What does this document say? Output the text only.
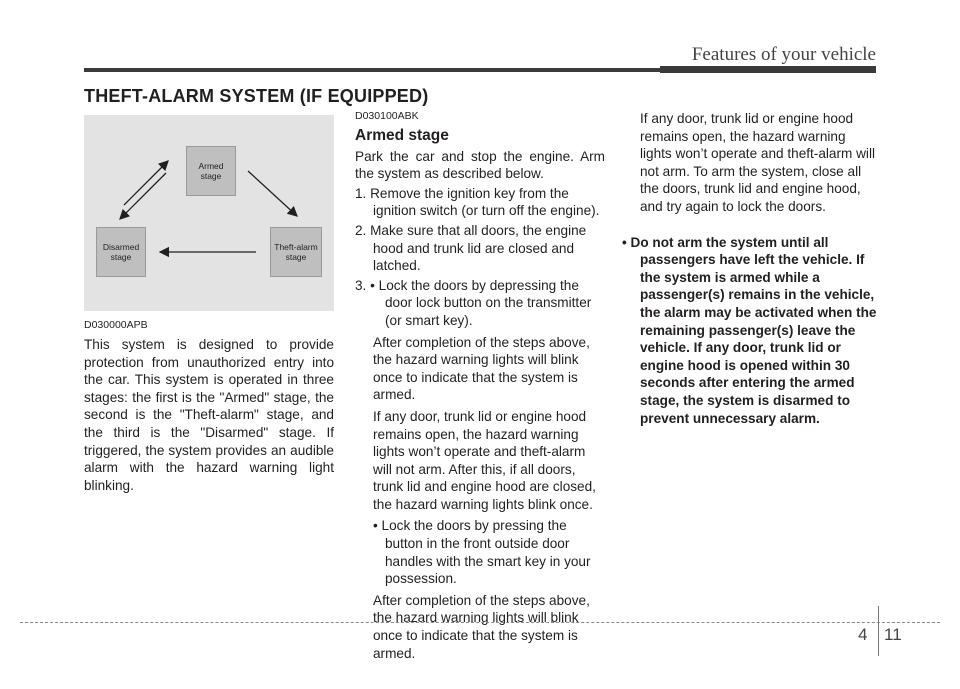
Features of your vehicle
THEFT-ALARM SYSTEM (IF EQUIPPED)
Armed stage
Disarmed stage
Theft-alarm stage

D030000APB

This system is designed to provide protection from unauthorized entry into the car. This system is operated in three stages: the first is the "Armed" stage, the second is the "Theft-alarm" stage, and the third is the "Disarmed" stage. If triggered, the system provides an audible alarm with the hazard warning light blinking.

D030100ABK

Armed stage

Park the car and stop the engine. Arm the system as described below.

1. Remove the ignition key from the ignition switch (or turn off the engine).

2. Make sure that all doors, the engine hood and trunk lid are closed and latched.

3. • Lock the doors by depressing the door lock button on the transmitter (or smart key).

After completion of the steps above, the hazard warning lights will blink once to indicate that the system is armed.

If any door, trunk lid or engine hood remains open, the hazard warning lights won’t operate and theft-alarm will not arm. After this, if all doors, trunk lid and engine hood are closed, the hazard warning lights blink once.

• Lock the doors by pressing the button in the front outside door handles with the smart key in your possession.

After completion of the steps above, the hazard warning lights will blink once to indicate that the system is armed.

If any door, trunk lid or engine hood remains open, the hazard warning lights won’t operate and theft-alarm will not arm. To arm the system, close all the doors, trunk lid and engine hood, and try again to lock the doors.

• Do not arm the system until all passengers have left the vehicle. If the system is armed while a passenger(s) remains in the vehicle, the alarm may be activated when the remaining passenger(s) leave the vehicle. If any door, trunk lid or engine hood is opened within 30 seconds after entering the armed stage, the system is disarmed to prevent unnecessary alarm.

4 11
